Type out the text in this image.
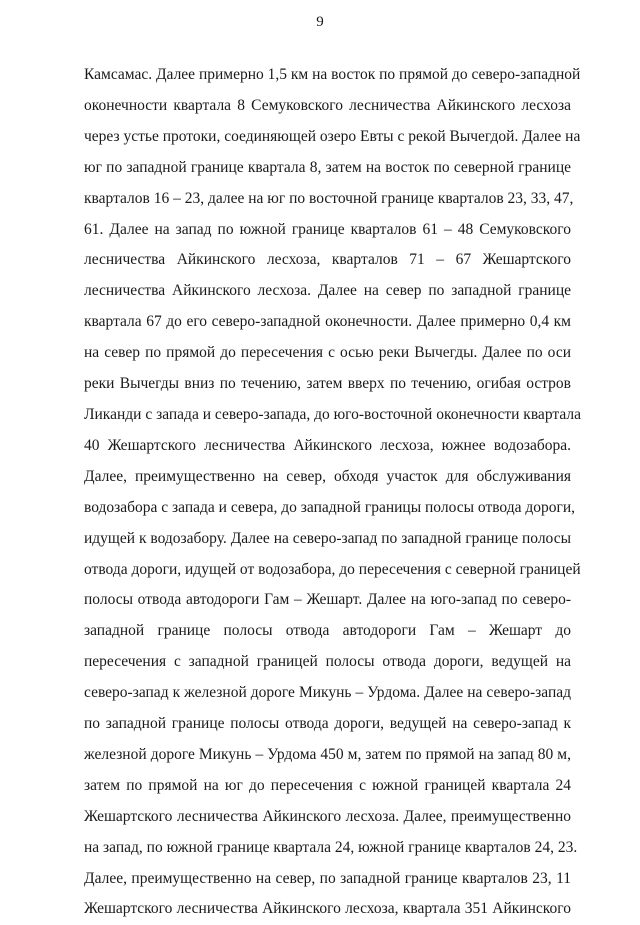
9
Камсамас. Далее примерно 1,5 км на восток по прямой до северо-западной
оконечности квартала 8 Семуковского лесничества Айкинского лесхоза
через устье протоки, соединяющей озеро Евты с рекой Вычегдой. Далее на
юг по западной границе квартала 8, затем на восток по северной границе
кварталов 16 – 23, далее на юг по восточной границе кварталов 23, 33, 47,
61. Далее на запад по южной границе кварталов 61 – 48 Семуковского
лесничества Айкинского лесхоза, кварталов 71 – 67 Жешартского
лесничества Айкинского лесхоза. Далее на север по западной границе
квартала 67 до его северо-западной оконечности. Далее примерно 0,4 км
на север по прямой до пересечения с осью реки Вычегды. Далее по оси
реки Вычегды вниз по течению, затем вверх по течению, огибая остров
Ликанди с запада и северо-запада, до юго-восточной оконечности квартала
40 Жешартского лесничества Айкинского лесхоза, южнее водозабора.
Далее, преимущественно на север, обходя участок для обслуживания
водозабора с запада и севера, до западной границы полосы отвода дороги,
идущей к водозабору. Далее на северо-запад по западной границе полосы
отвода дороги, идущей от водозабора, до пересечения с северной границей
полосы отвода автодороги Гам – Жешарт. Далее на юго-запад по северо-
западной границе полосы отвода автодороги Гам – Жешарт до
пересечения с западной границей полосы отвода дороги, ведущей на
северо-запад к железной дороге Микунь – Урдома. Далее на северо-запад
по западной границе полосы отвода дороги, ведущей на северо-запад к
железной дороге Микунь – Урдома 450 м, затем по прямой на запад 80 м,
затем по прямой на юг до пересечения с южной границей квартала 24
Жешартского лесничества Айкинского лесхоза. Далее, преимущественно
на запад, по южной границе квартала 24, южной границе кварталов 24, 23.
Далее, преимущественно на север, по западной границе кварталов 23, 11
Жешартского лесничества Айкинского лесхоза, квартала 351 Айкинского
